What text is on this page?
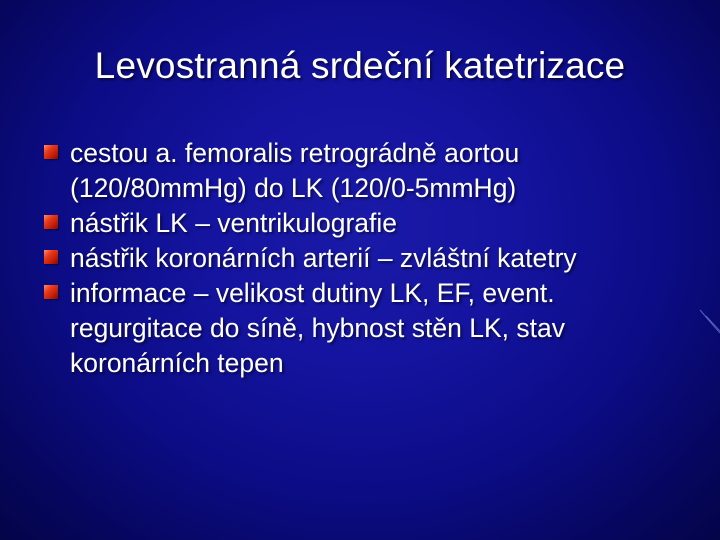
Levostranná srdeční katetrizace
cestou a. femoralis retrográdně aortou (120/80mmHg) do LK (120/0-5mmHg)
nástřik LK – ventrikulografie
nástřik koronárních arterií – zvláštní katetry
informace – velikost dutiny LK, EF, event. regurgitace do síně, hybnost stěn LK, stav koronárních tepen
